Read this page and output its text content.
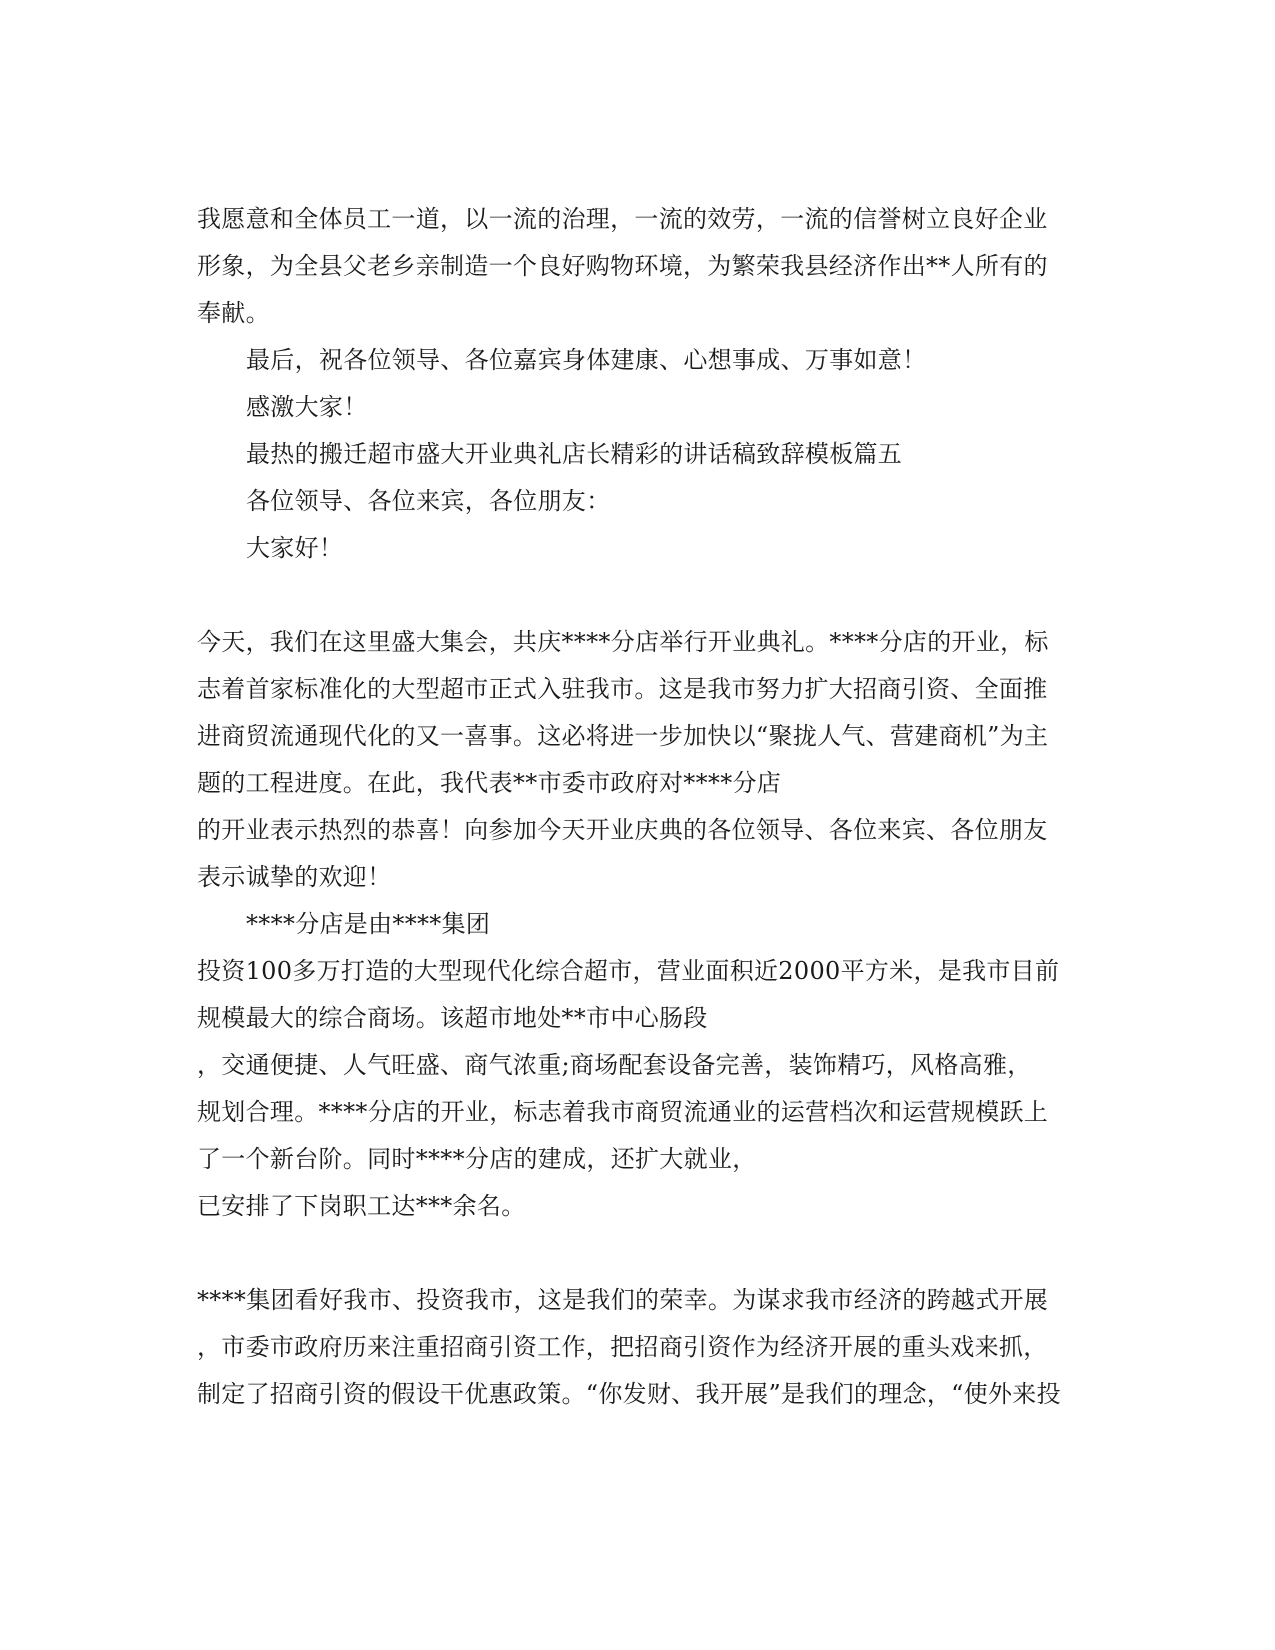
我愿意和全体员工一道，以一流的治理，一流的效劳，一流的信誉树立良好企业
形象，为全县父老乡亲制造一个良好购物环境，为繁荣我县经济作出**人所有的
奉献。
最后，祝各位领导、各位嘉宾身体建康、心想事成、万事如意！
感激大家！
最热的搬迁超市盛大开业典礼店长精彩的讲话稿致辞模板篇五
各位领导、各位来宾，各位朋友：
大家好！
今天，我们在这里盛大集会，共庆****分店举行开业典礼。****分店的开业，标
志着首家标准化的大型超市正式入驻我市。这是我市努力扩大招商引资、全面推
进商贸流通现代化的又一喜事。这必将进一步加快以“聚拢人气、营建商机”为主
题的工程进度。在此，我代表**市委市政府对****分店
的开业表示热烈的恭喜！向参加今天开业庆典的各位领导、各位来宾、各位朋友
表示诚挚的欢迎！
****分店是由****集团
投资100多万打造的大型现代化综合超市，营业面积近2000平方米，是我市目前
规模最大的综合商场。该超市地处**市中心肠段
，交通便捷、人气旺盛、商气浓重;商场配套设备完善，装饰精巧，风格高雅，
规划合理。****分店的开业，标志着我市商贸流通业的运营档次和运营规模跃上
了一个新台阶。同时****分店的建成，还扩大就业，
已安排了下岗职工达***余名。
****集团看好我市、投资我市，这是我们的荣幸。为谋求我市经济的跨越式开展
，市委市政府历来注重招商引资工作，把招商引资作为经济开展的重头戏来抓，
制定了招商引资的假设干优惠政策。“你发财、我开展”是我们的理念，“使外来投
